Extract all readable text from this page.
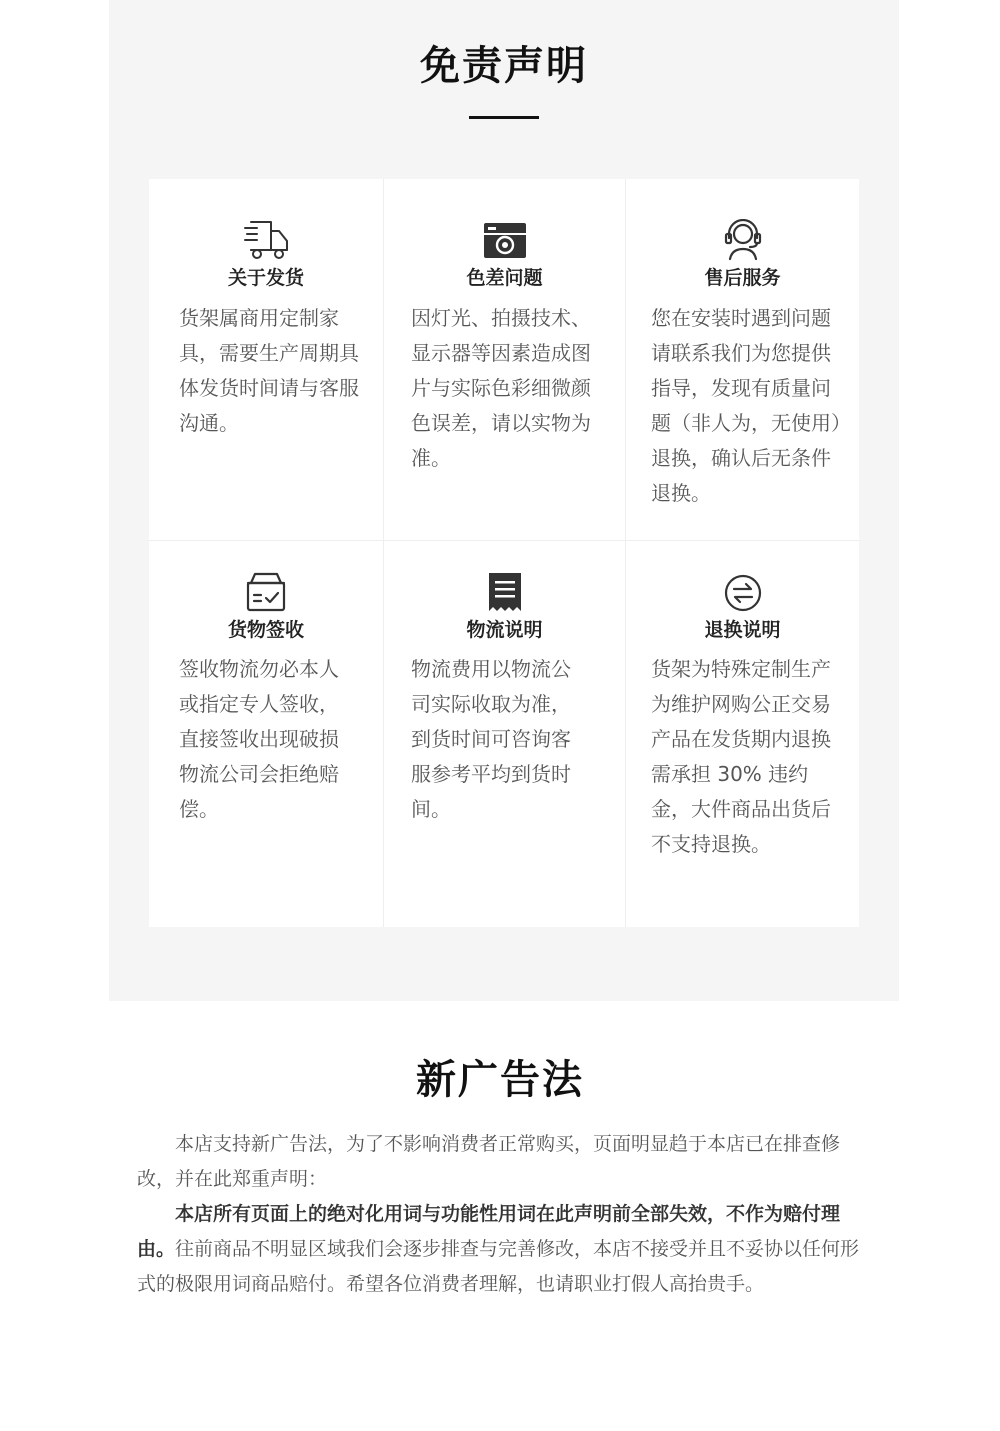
免责声明
关于发货
货架属商用定制家具，需要生产周期具体发货时间请与客服沟通。
色差问题
因灯光、拍摄技术、显示器等因素造成图片与实际色彩细微颜色误差，请以实物为准。
售后服务
您在安装时遇到问题请联系我们为您提供指导，发现有质量问题（非人为，无使用）退换，确认后无条件退换。
货物签收
签收物流勿必本人或指定专人签收，直接签收出现破损物流公司会拒绝赔偿。
物流说明
物流费用以物流公司实际收取为准，到货时间可咨询客服参考平均到货时间。
退换说明
货架为特殊定制生产为维护网购公正交易产品在发货期内退换需承担 30% 违约金，大件商品出货后不支持退换。
新广告法

本店支持新广告法，为了不影响消费者正常购买，页面明显趋于本店已在排查修改，并在此郑重声明：

本店所有页面上的绝对化用词与功能性用词在此声明前全部失效，不作为赔付理由。往前商品不明显区域我们会逐步排查与完善修改，本店不接受并且不妥协以任何形式的极限用词商品赔付。希望各位消费者理解，也请职业打假人高抬贵手。
